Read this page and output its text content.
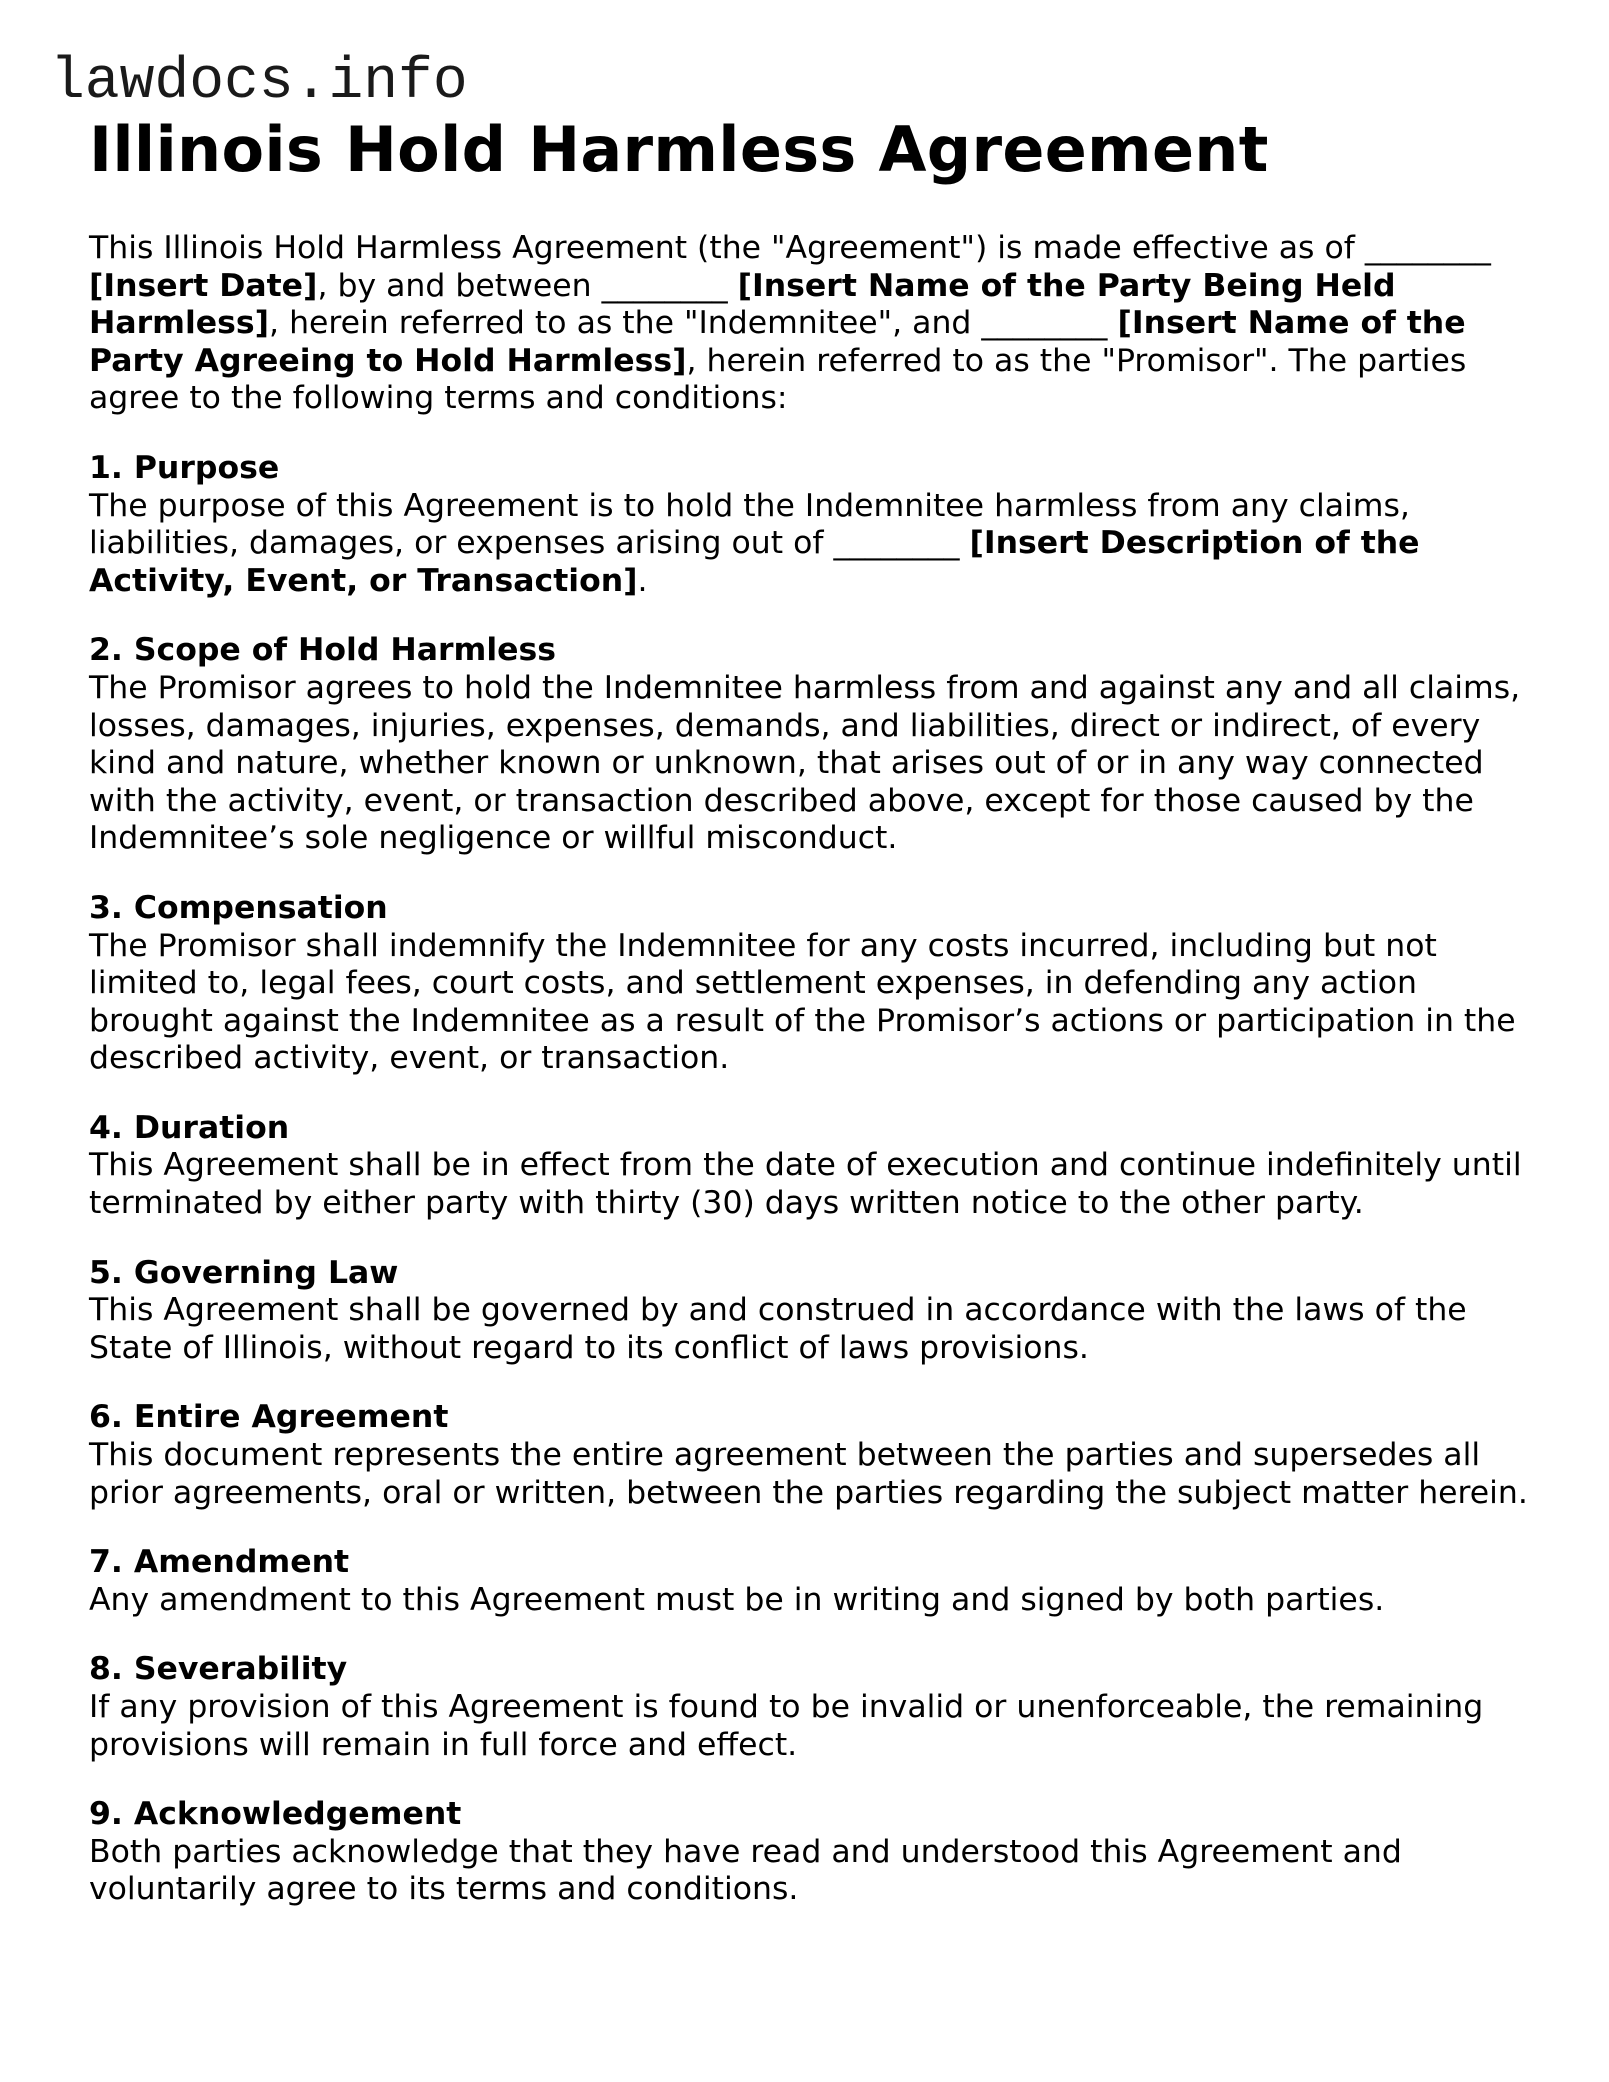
lawdocs.info
Illinois Hold Harmless Agreement

This Illinois Hold Harmless Agreement (the "Agreement") is made effective as of ________ [Insert Date], by and between ________ [Insert Name of the Party Being Held Harmless], herein referred to as the "Indemnitee", and ________ [Insert Name of the Party Agreeing to Hold Harmless], herein referred to as the "Promisor". The parties agree to the following terms and conditions:

1. Purpose

The purpose of this Agreement is to hold the Indemnitee harmless from any claims, liabilities, damages, or expenses arising out of ________ [Insert Description of the Activity, Event, or Transaction].

2. Scope of Hold Harmless

The Promisor agrees to hold the Indemnitee harmless from and against any and all claims, losses, damages, injuries, expenses, demands, and liabilities, direct or indirect, of every kind and nature, whether known or unknown, that arises out of or in any way connected with the activity, event, or transaction described above, except for those caused by the Indemnitee’s sole negligence or willful misconduct.

3. Compensation

The Promisor shall indemnify the Indemnitee for any costs incurred, including but not limited to, legal fees, court costs, and settlement expenses, in defending any action brought against the Indemnitee as a result of the Promisor’s actions or participation in the described activity, event, or transaction.

4. Duration

This Agreement shall be in effect from the date of execution and continue indefinitely until terminated by either party with thirty (30) days written notice to the other party.

5. Governing Law

This Agreement shall be governed by and construed in accordance with the laws of the State of Illinois, without regard to its conflict of laws provisions.

6. Entire Agreement

This document represents the entire agreement between the parties and supersedes all prior agreements, oral or written, between the parties regarding the subject matter herein.

7. Amendment

Any amendment to this Agreement must be in writing and signed by both parties.

8. Severability

If any provision of this Agreement is found to be invalid or unenforceable, the remaining provisions will remain in full force and effect.

9. Acknowledgement

Both parties acknowledge that they have read and understood this Agreement and voluntarily agree to its terms and conditions.
